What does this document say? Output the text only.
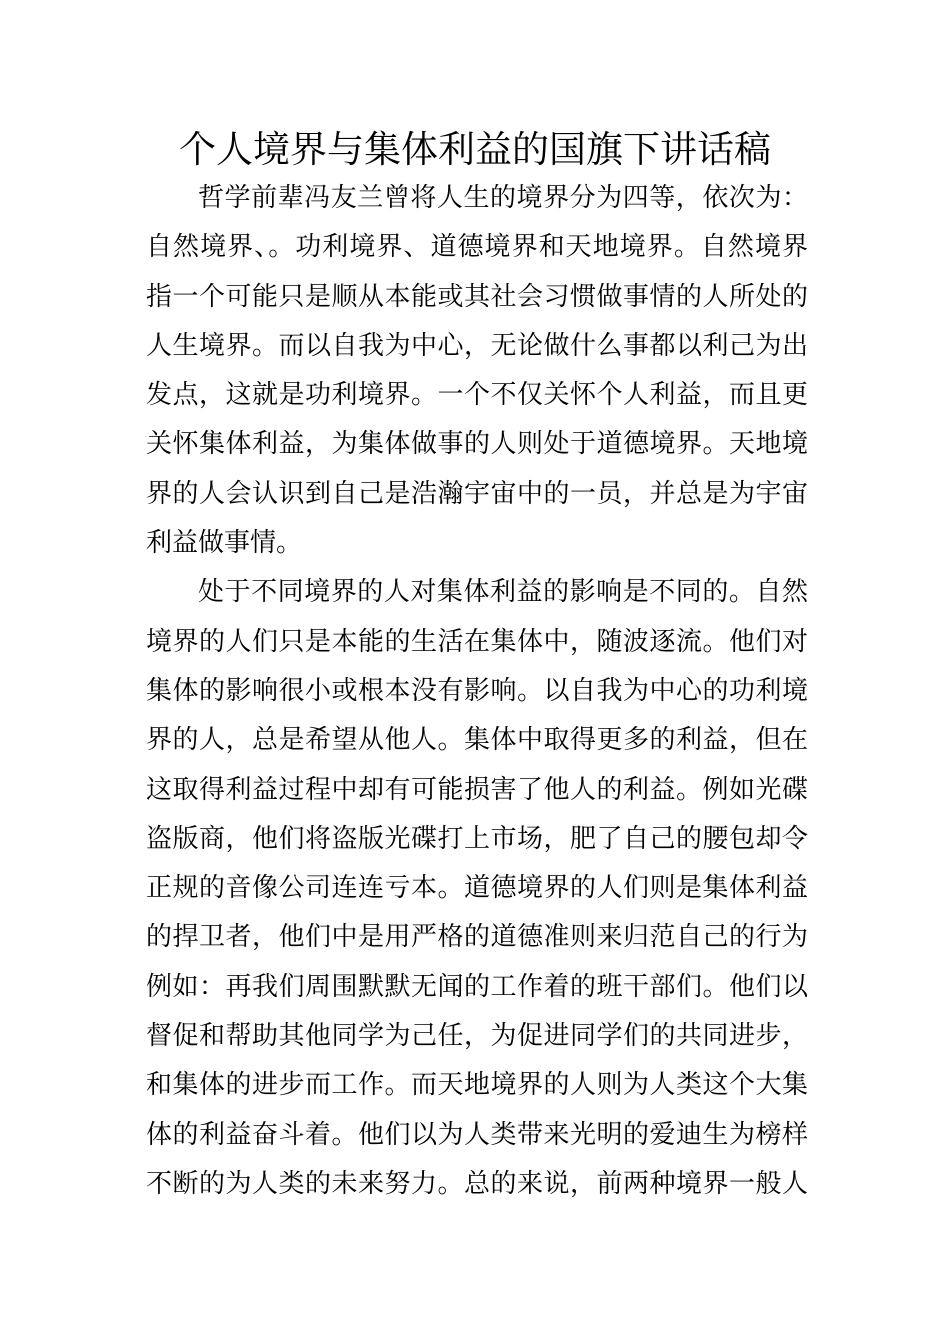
个人境界与集体利益的国旗下讲话稿
哲学前辈冯友兰曾将人生的境界分为四等，依次为：
自然境界、。功利境界、道德境界和天地境界。自然境界
指一个可能只是顺从本能或其社会习惯做事情的人所处的
人生境界。而以自我为中心，无论做什么事都以利己为出
发点，这就是功利境界。一个不仅关怀个人利益，而且更
关怀集体利益，为集体做事的人则处于道德境界。天地境
界的人会认识到自己是浩瀚宇宙中的一员，并总是为宇宙
利益做事情。
处于不同境界的人对集体利益的影响是不同的。自然
境界的人们只是本能的生活在集体中，随波逐流。他们对
集体的影响很小或根本没有影响。以自我为中心的功利境
界的人，总是希望从他人。集体中取得更多的利益，但在
这取得利益过程中却有可能损害了他人的利益。例如光碟
盗版商，他们将盗版光碟打上市场，肥了自己的腰包却令
正规的音像公司连连亏本。道德境界的人们则是集体利益
的捍卫者，他们中是用严格的道德准则来归范自己的行为
例如：再我们周围默默无闻的工作着的班干部们。他们以
督促和帮助其他同学为己任，为促进同学们的共同进步，
和集体的进步而工作。而天地境界的人则为人类这个大集
体的利益奋斗着。他们以为人类带来光明的爱迪生为榜样
不断的为人类的未来努力。总的来说，前两种境界一般人
